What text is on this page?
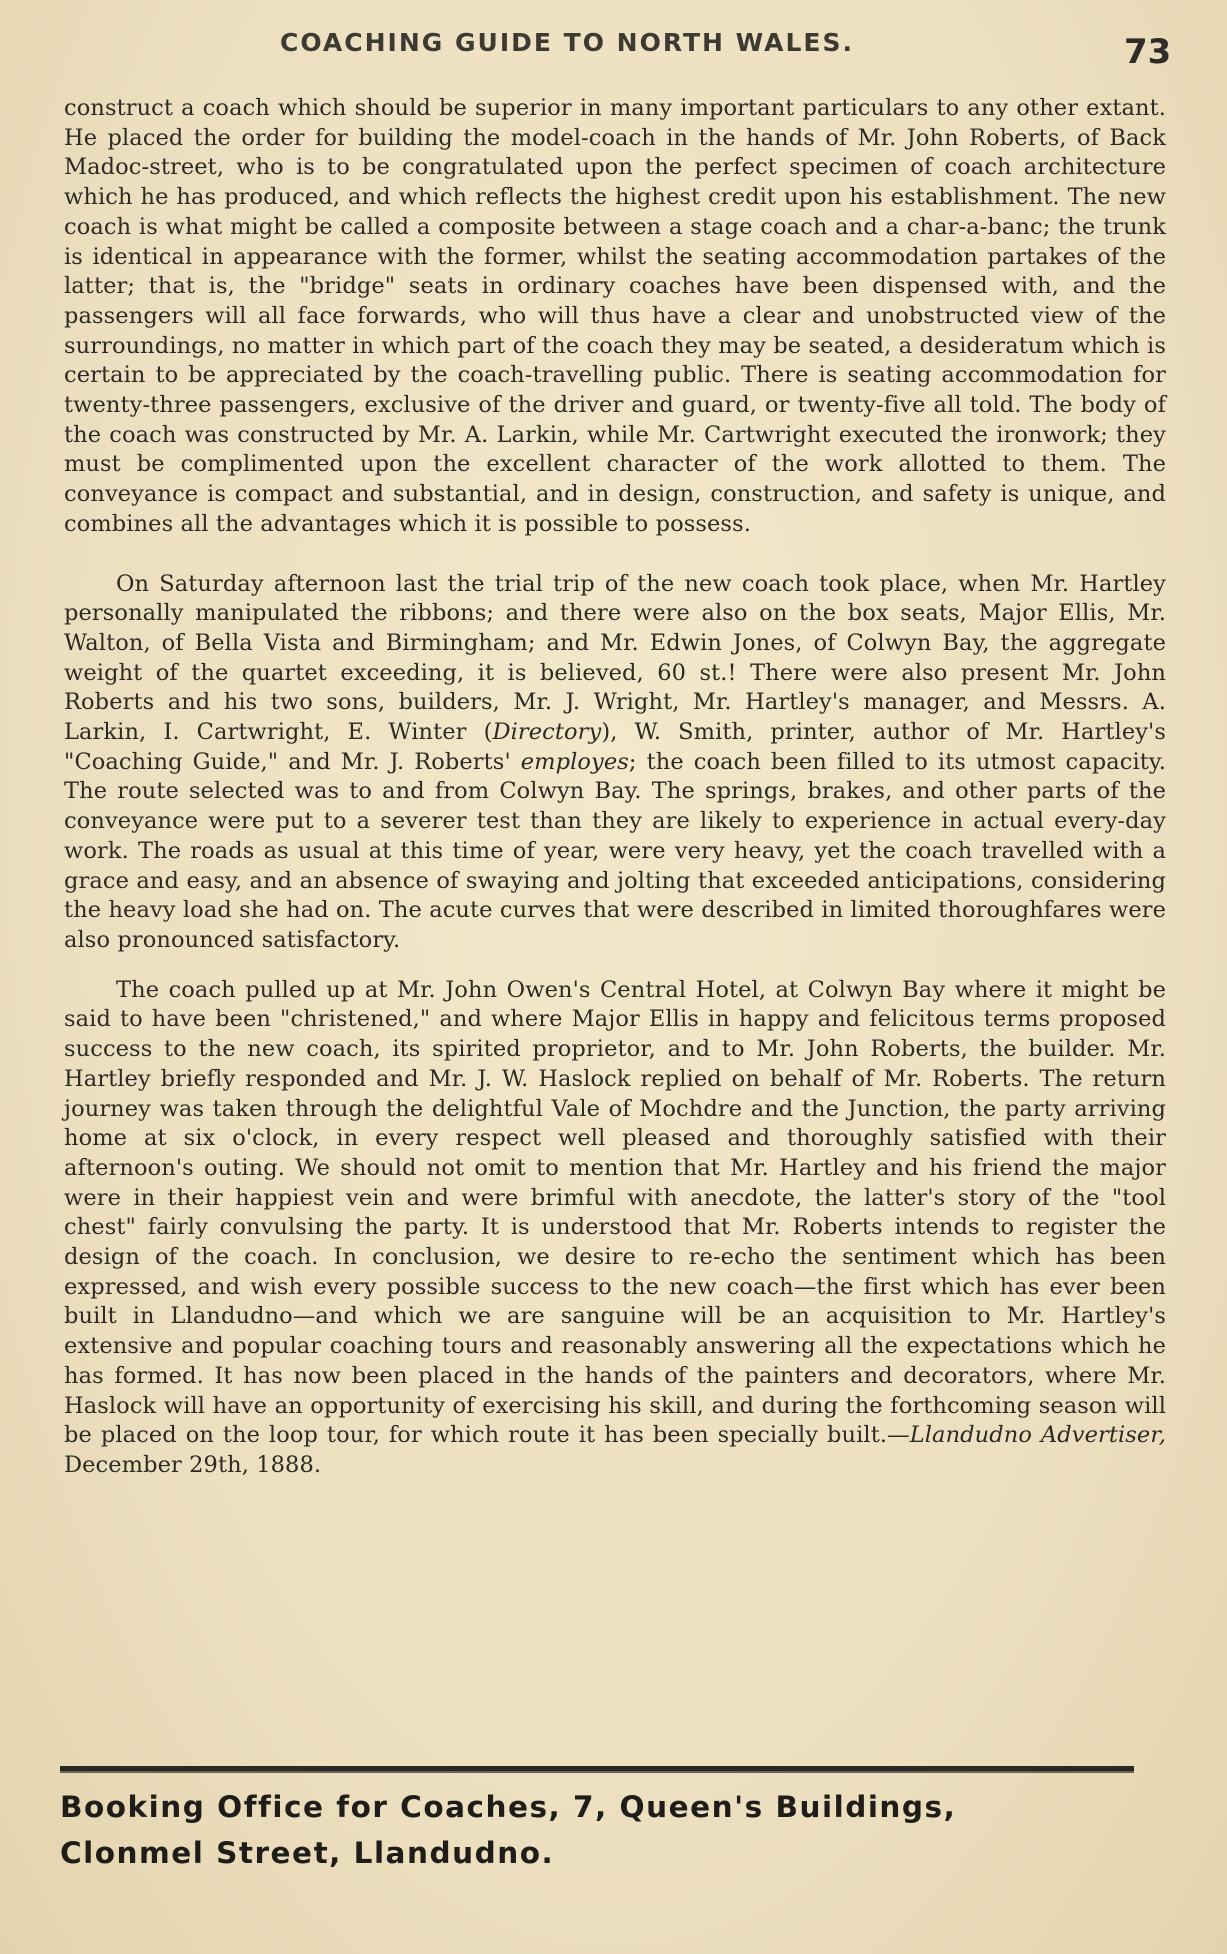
COACHING GUIDE TO NORTH WALES.	73

construct a coach which should be superior in many important particulars to any other extant. He placed the order for building the model-coach in the hands of Mr. John Roberts, of Back Madoc-street, who is to be congratulated upon the perfect specimen of coach architecture which he has produced, and which reflects the highest credit upon his establishment. The new coach is what might be called a composite between a stage coach and a char-a-banc; the trunk is identical in appearance with the former, whilst the seating accommodation partakes of the latter; that is, the "bridge" seats in ordinary coaches have been dispensed with, and the passengers will all face forwards, who will thus have a clear and unobstructed view of the surroundings, no matter in which part of the coach they may be seated, a desideratum which is certain to be appreciated by the coach-travelling public. There is seating accommodation for twenty-three passengers, exclusive of the driver and guard, or twenty-five all told. The body of the coach was constructed by Mr. A. Larkin, while Mr. Cartwright executed the ironwork; they must be complimented upon the excellent character of the work allotted to them. The conveyance is compact and substantial, and in design, construction, and safety is unique, and combines all the advantages which it is possible to possess.

On Saturday afternoon last the trial trip of the new coach took place, when Mr. Hartley personally manipulated the ribbons; and there were also on the box seats, Major Ellis, Mr. Walton, of Bella Vista and Birmingham; and Mr. Edwin Jones, of Colwyn Bay, the aggregate weight of the quartet exceeding, it is believed, 60 st.! There were also present Mr. John Roberts and his two sons, builders, Mr. J. Wright, Mr. Hartley's manager, and Messrs. A. Larkin, I. Cartwright, E. Winter (Directory), W. Smith, printer, author of Mr. Hartley's "Coaching Guide," and Mr. J. Roberts' employes; the coach been filled to its utmost capacity. The route selected was to and from Colwyn Bay. The springs, brakes, and other parts of the conveyance were put to a severer test than they are likely to experience in actual every-day work. The roads as usual at this time of year, were very heavy, yet the coach travelled with a grace and easy, and an absence of swaying and jolting that exceeded anticipations, considering the heavy load she had on. The acute curves that were described in limited thoroughfares were also pronounced satisfactory.

The coach pulled up at Mr. John Owen's Central Hotel, at Colwyn Bay where it might be said to have been "christened," and where Major Ellis in happy and felicitous terms proposed success to the new coach, its spirited proprietor, and to Mr. John Roberts, the builder. Mr. Hartley briefly responded and Mr. J. W. Haslock replied on behalf of Mr. Roberts. The return journey was taken through the delightful Vale of Mochdre and the Junction, the party arriving home at six o'clock, in every respect well pleased and thoroughly satisfied with their afternoon's outing. We should not omit to mention that Mr. Hartley and his friend the major were in their happiest vein and were brimful with anecdote, the latter's story of the "tool chest" fairly convulsing the party. It is understood that Mr. Roberts intends to register the design of the coach. In conclusion, we desire to re-echo the sentiment which has been expressed, and wish every possible success to the new coach—the first which has ever been built in Llandudno—and which we are sanguine will be an acquisition to Mr. Hartley's extensive and popular coaching tours and reasonably answering all the expectations which he has formed. It has now been placed in the hands of the painters and decorators, where Mr. Haslock will have an opportunity of exercising his skill, and during the forthcoming season will be placed on the loop tour, for which route it has been specially built.—Llandudno Advertiser, December 29th, 1888.

Booking Office for Coaches, 7, Queen's Buildings,
Clonmel Street, Llandudno.
